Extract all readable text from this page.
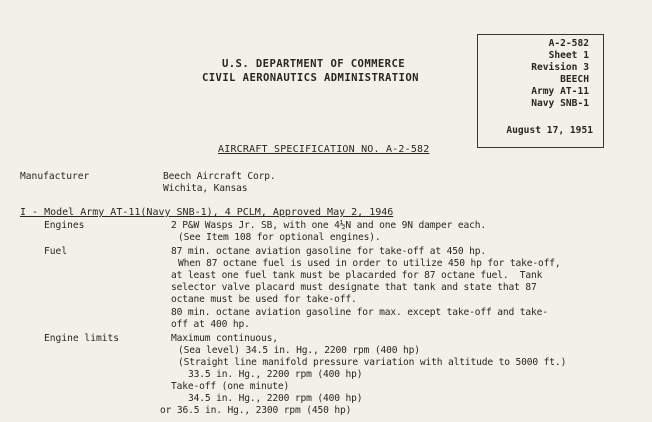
U.S. DEPARTMENT OF COMMERCE
CIVIL AERONAUTICS ADMINISTRATION
A-2-582
Sheet 1
Revision 3
BEECH
Army AT-11
Navy SNB-1
August 17, 1951
AIRCRAFT SPECIFICATION NO. A-2-582
Manufacturer	Beech Aircraft Corp.
Wichita, Kansas
I - Model Army AT-11(Navy SNB-1), 4 PCLM, Approved May 2, 1946
Engines	2 P&W Wasps Jr. SB, with one 4½N and one 9N damper each.
(See Item 108 for optional engines).
Fuel	87 min. octane aviation gasoline for take-off at 450 hp.
When 87 octane fuel is used in order to utilize 450 hp for take-off,
at least one fuel tank must be placarded for 87 octane fuel.  Tank
selector valve placard must designate that tank and state that 87
octane must be used for take-off.
80 min. octane aviation gasoline for max. except take-off and take-
off at 400 hp.
Engine limits	Maximum continuous,
(Sea level) 34.5 in. Hg., 2200 rpm (400 hp)
(Straight line manifold pressure variation with altitude to 5000 ft.)
33.5 in. Hg., 2200 rpm (400 hp)
Take-off (one minute)
34.5 in. Hg., 2200 rpm (400 hp)
or 36.5 in. Hg., 2300 rpm (450 hp)
